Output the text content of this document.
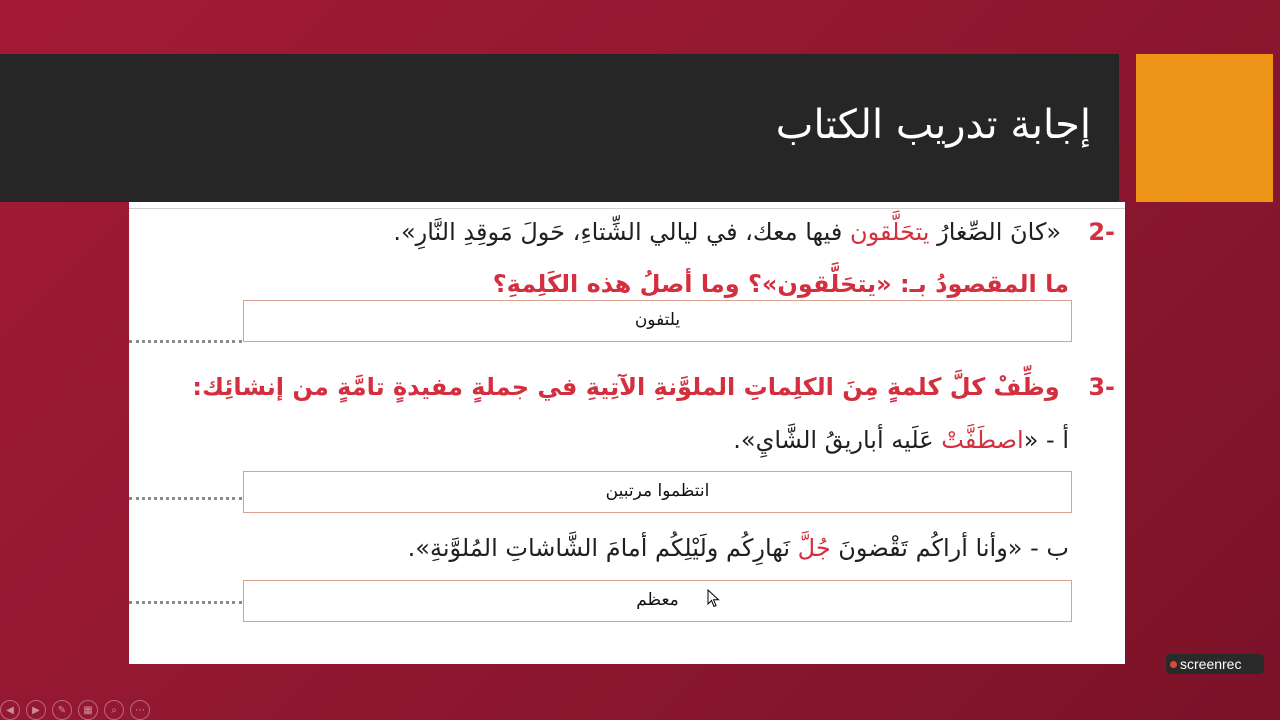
إجابة تدريب الكتاب
-2  «كانَ الصِّغارُ يتحَلَّقون فيها معك، في ليالي الشِّتاءِ، حَولَ مَوقِدِ النَّارِ».
ما المقصودُ بـ: «يتحَلَّقون»؟ وما أصلُ هذه الكَلِمةِ؟
يلتفون
-3  وظِّفْ كلَّ كلمةٍ مِنَ الكلِماتِ الملوَّنةِ الآتِيةِ في جملةٍ مفيدةٍ تامَّةٍ من إنشائِك:
أ - «اصطَفَّتْ عَلَيه أباريقُ الشَّايِ».
انتظموا مرتبين
ب - «وأنا أراكُم تَقْضونَ جُلَّ نَهارِكُم ولَيْلِكُم أمامَ الشَّاشاتِ المُلوَّنةِ».
معظم
screenrec
◀	▶	✎	▦	⌕	⋯
